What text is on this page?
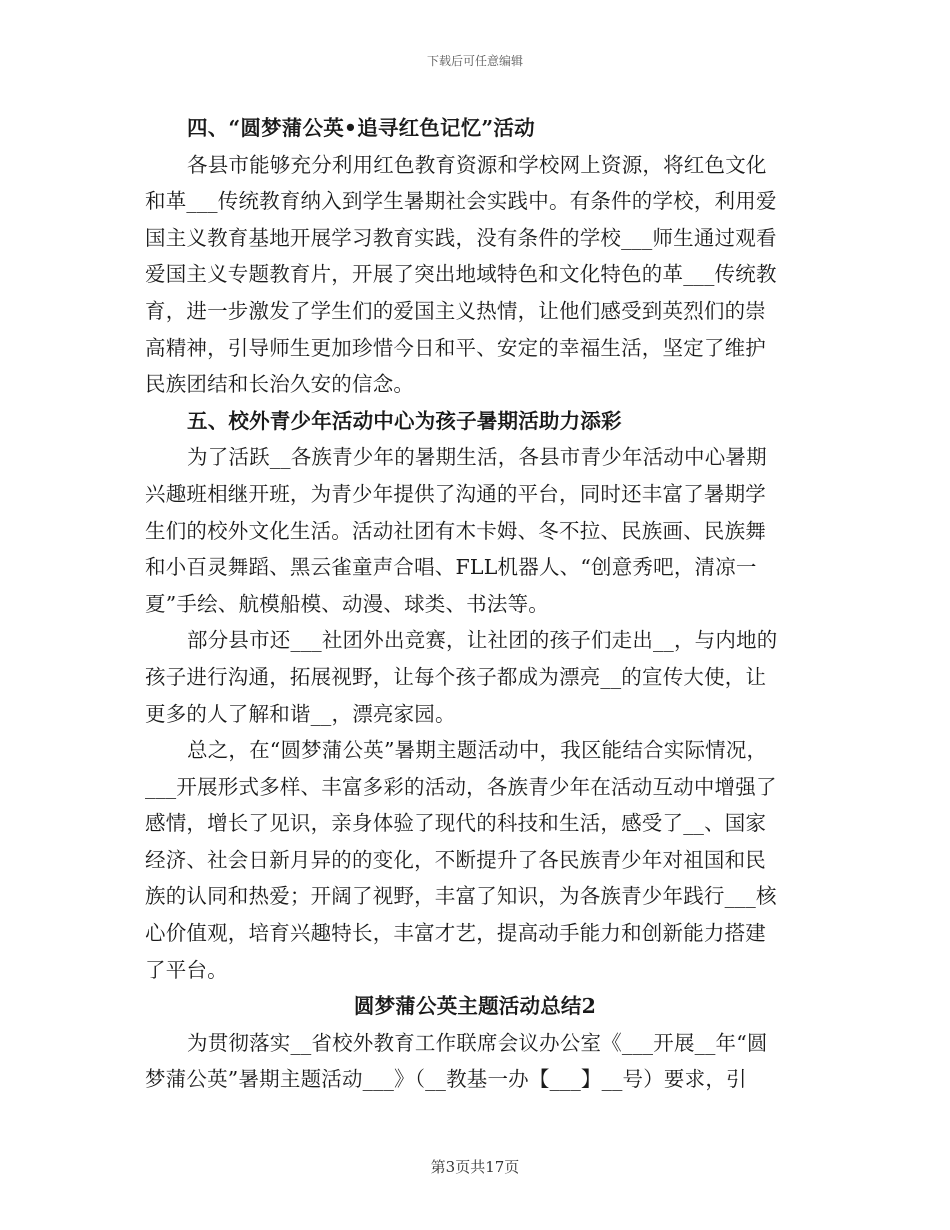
下载后可任意编辑
四、“圆梦蒲公英•追寻红色记忆”活动
各县市能够充分利用红色教育资源和学校网上资源，将红色文化
和革___传统教育纳入到学生暑期社会实践中。有条件的学校，利用爱
国主义教育基地开展学习教育实践，没有条件的学校___师生通过观看
爱国主义专题教育片，开展了突出地域特色和文化特色的革___传统教
育，进一步激发了学生们的爱国主义热情，让他们感受到英烈们的崇
高精神，引导师生更加珍惜今日和平、安定的幸福生活，坚定了维护
民族团结和长治久安的信念。
五、校外青少年活动中心为孩子暑期活助力添彩
为了活跃__各族青少年的暑期生活，各县市青少年活动中心暑期
兴趣班相继开班，为青少年提供了沟通的平台，同时还丰富了暑期学
生们的校外文化生活。活动社团有木卡姆、冬不拉、民族画、民族舞
和小百灵舞蹈、黑云雀童声合唱、FLL机器人、“创意秀吧，清凉一
夏”手绘、航模船模、动漫、球类、书法等。
部分县市还___社团外出竞赛，让社团的孩子们走出__，与内地的
孩子进行沟通，拓展视野，让每个孩子都成为漂亮__的宣传大使，让
更多的人了解和谐__，漂亮家园。
总之，在“圆梦蒲公英”暑期主题活动中，我区能结合实际情况，
___开展形式多样、丰富多彩的活动，各族青少年在活动互动中增强了
感情，增长了见识，亲身体验了现代的科技和生活，感受了__、国家
经济、社会日新月异的的变化，不断提升了各民族青少年对祖国和民
族的认同和热爱；开阔了视野，丰富了知识，为各族青少年践行___核
心价值观，培育兴趣特长，丰富才艺，提高动手能力和创新能力搭建
了平台。
圆梦蒲公英主题活动总结2
为贯彻落实__省校外教育工作联席会议办公室《___开展__年“圆
梦蒲公英”暑期主题活动___》（__教基一办【___】__号）要求，引
第3页共17页
